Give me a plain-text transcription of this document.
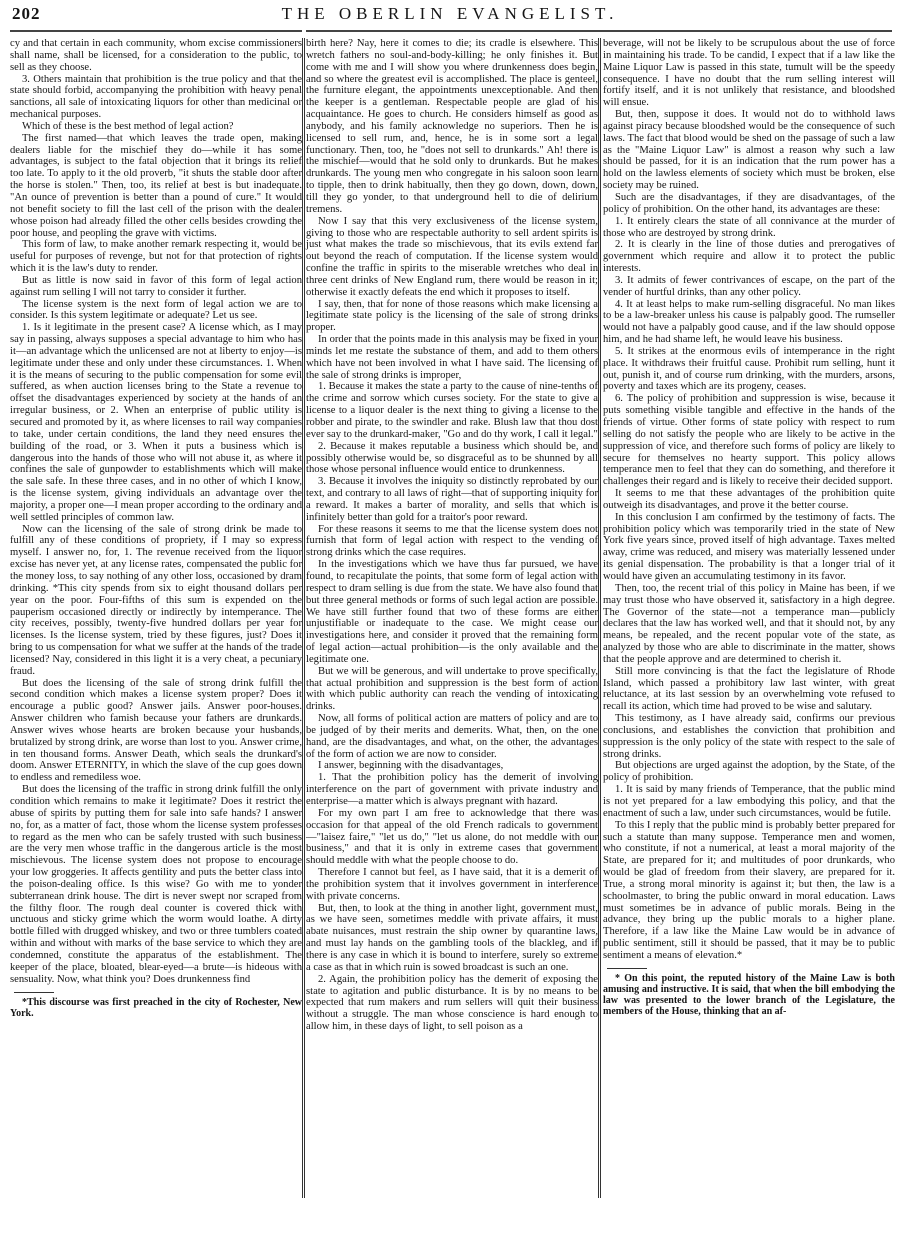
202	THE OBERLIN EVANGELIST.

cy and that certain in each community, whom excise commissioners shall name, shall be licensed, for a consideration to the public, to sell as they choose.

3. Others maintain that prohibition is the true policy and that the state should forbid, accompanying the prohibition with heavy penal sanctions, all sale of intoxicating liquors for other than medicinal or mechanical purposes.

Which of these is the best method of legal action?

The first named—that which leaves the trade open, making dealers liable for the mischief they do—while it has some advantages, is subject to the fatal objection that it brings its relief too late. To apply to it the old proverb, "it shuts the stable door after the horse is stolen." Then, too, its relief at best is but inadequate. "An ounce of prevention is better than a pound of cure." It would not benefit society to fill the last cell of the prison with the dealer whose poison had already filled the other cells besides crowding the poor house, and peopling the grave with victims.

This form of law, to make another remark respecting it, would be useful for purposes of revenge, but not for that protection of rights which it is the law's duty to render.

But as little is now said in favor of this form of legal action against rum selling I will not tarry to consider it further.

The license system is the next form of legal action we are to consider. Is this system legitimate or adequate? Let us see.

1. Is it legitimate in the present case? A license which, as I may say in passing, always supposes a special advantage to him who has it—an advantage which the unlicensed are not at liberty to enjoy—is legitimate under these and only under these circumstances. 1. When it is the means of securing to the public compensation for some evil suffered, as when auction licenses bring to the State a revenue to offset the disadvantages experienced by society at the hands of an irregular business, or 2. When an enterprise of public utility is secured and promoted by it, as where licenses to rail way companies to take, under certain conditions, the land they need ensures the building of the road, or 3. When it puts a business which is dangerous into the hands of those who will not abuse it, as where it confines the sale of gunpowder to establishments which will make the sale safe. In these three cases, and in no other of which I know, is the license system, giving individuals an advantage over the majority, a proper one—I mean proper according to the ordinary and well settled principles of common law.

Now can the licensing of the sale of strong drink be made to fulfill any of these conditions of propriety, if I may so express myself. I answer no, for, 1. The revenue received from the liquor excise has never yet, at any license rates, compensated the public for the money loss, to say nothing of any other loss, occasioned by dram drinking. *This city spends from six to eight thousand dollars per year on the poor. Four-fifths of this sum is expended on the pauperism occasioned directly or indirectly by intemperance. The city receives, possibly, twenty-five hundred dollars per year for licenses. Is the license system, tried by these figures, just? Does it bring to us compensation for what we suffer at the hands of the trade licensed? Nay, considered in this light it is a very cheat, a pecuniary fraud.

But does the licensing of the sale of strong drink fulfill the second condition which makes a license system proper? Does it encourage a public good? Answer jails. Answer poor-houses. Answer children who famish because your fathers are drunkards. Answer wives whose hearts are broken because your husbands, brutalized by strong drink, are worse than lost to you. Answer crime, in ten thousand forms. Answer Death, which seals the drunkard's doom. Answer ETERNITY, in which the slave of the cup goes down to endless and remediless woe.

But does the licensing of the traffic in strong drink fulfill the only condition which remains to make it legitimate? Does it restrict the abuse of spirits by putting them for sale into safe hands? I answer no, for, as a matter of fact, those whom the license system professes to regard as the men who can be safely trusted with such business are the very men whose traffic in the dangerous article is the most mischievous. The license system does not propose to encourage your low groggeries. It affects gentility and puts the better class into the poison-dealing office. Is this wise? Go with me to yonder subterranean drink house. The dirt is never swept nor scraped from the filthy floor. The rough deal counter is covered thick with unctuous and sticky grime which the worm would loathe. A dirty bottle filled with drugged whiskey, and two or three tumblers coated within and without with marks of the base service to which they are condemned, constitute the apparatus of the establishment. The keeper of the place, bloated, blear-eyed—a brute—is hideous with sensuality. Now, what think you? Does drunkenness find

*This discourse was first preached in the city of Rochester, New York.

birth here? Nay, here it comes to die; its cradle is elsewhere. This wretch fathers no soul-and-body-killing; he only finishes it. But come with me and I will show you where drunkenness does begin, and so where the greatest evil is accomplished. The place is genteel, the furniture elegant, the appointments unexceptionable. And then the keeper is a gentleman. Respectable people are glad of his acquaintance. He goes to church. He considers himself as good as anybody, and his family acknowledge no superiors. Then he is licensed to sell rum, and, hence, he is in some sort a legal functionary. Then, too, he "does not sell to drunkards." Ah! there is the mischief—would that he sold only to drunkards. But he makes drunkards. The young men who congregate in his saloon soon learn to tipple, then to drink habitually, then they go down, down, down, till they go yonder, to that underground hell to die of delirium tremens.

Now I say that this very exclusiveness of the license system, giving to those who are respectable authority to sell ardent spirits is just what makes the trade so mischievous, that its evils extend far out beyond the reach of computation. If the license system would confine the traffic in spirits to the miserable wretches who deal in three cent drinks of New England rum, there would be reason in it; otherwise it exactly defeats the end which it proposes to itself.

I say, then, that for none of those reasons which make licensing a legitimate state policy is the licensing of the sale of strong drinks proper.

In order that the points made in this analysis may be fixed in your minds let me restate the substance of them, and add to them others which have not been involved in what I have said. The licensing of the sale of strong drinks is improper,

1. Because it makes the state a party to the cause of nine-tenths of the crime and sorrow which curses society. For the state to give a license to a liquor dealer is the next thing to giving a license to the robber and pirate, to the swindler and rake. Blush law that thou dost ever say to the drunkard-maker, "Go and do thy work, I call it legal."

2. Because it makes reputable a business which should be, and possibly otherwise would be, so disgraceful as to be shunned by all those whose personal influence would entice to drunkenness.

3. Because it involves the iniquity so distinctly reprobated by our text, and contrary to all laws of right—that of supporting iniquity for a reward. It makes a barter of morality, and sells that which is infinitely better than gold for a traitor's poor reward.

For these reasons it seems to me that the license system does not furnish that form of legal action with respect to the vending of strong drinks which the case requires.

In the investigations which we have thus far pursued, we have found, to recapitulate the points, that some form of legal action with respect to dram selling is due from the state. We have also found that but three general methods or forms of such legal action are possible. We have still further found that two of these forms are either unjustifiable or inadequate to the case. We might cease our investigations here, and consider it proved that the remaining form of legal action—actual prohibition—is the only available and the legitimate one.

But we will be generous, and will undertake to prove specifically, that actual prohibition and suppression is the best form of action with which public authority can reach the vending of intoxicating drinks.

Now, all forms of political action are matters of policy and are to be judged of by their merits and demerits. What, then, on the one hand, are the disadvantages, and what, on the other, the advantages of the form of action we are now to consider.

I answer, beginning with the disadvantages,

1. That the prohibition policy has the demerit of involving interference on the part of government with private industry and enterprise—a matter which is always pregnant with hazard.

For my own part I am free to acknowledge that there was occasion for that appeal of the old French radicals to government—"laisez faire," "let us do," "let us alone, do not meddle with our business," and that it is only in extreme cases that government should meddle with what the people choose to do.

Therefore I cannot but feel, as I have said, that it is a demerit of the prohibition system that it involves government in interference with private concerns.

But, then, to look at the thing in another light, government must, as we have seen, sometimes meddle with private affairs, it must abate nuisances, must restrain the ship owner by quarantine laws, and must lay hands on the gambling tools of the blackleg, and if there is any case in which it is bound to interfere, surely so extreme a case as that in which ruin is sowed broadcast is such an one.

2. Again, the prohibition policy has the demerit of exposing the state to agitation and public disturbance. It is by no means to be expected that rum makers and rum sellers will quit their business without a struggle. The man whose conscience is hard enough to allow him, in these days of light, to sell poison as a

beverage, will not be likely to be scrupulous about the use of force in maintaining his trade. To be candid, I expect that if a law like the Maine Liquor Law is passed in this state, tumult will be the speedy consequence. I have no doubt that the rum selling interest will fortify itself, and it is not unlikely that resistance, and bloodshed will ensue.

But, then, suppose it does. It would not do to withhold laws against piracy because bloodshed would be the consequence of such laws. The fact that blood would be shed on the passage of such a law as the "Maine Liquor Law" is almost a reason why such a law should be passed, for it is an indication that the rum power has a hold on the lawless elements of society which must be broken, else society may be ruined.

Such are the disadvantages, if they are disadvantages, of the policy of prohibition. On the other hand, its advantages are these:

1. It entirely clears the state of all connivance at the murder of those who are destroyed by strong drink.

2. It is clearly in the line of those duties and prerogatives of government which require and allow it to protect the public interests.

3. It admits of fewer contrivances of escape, on the part of the vender of hurtful drinks, than any other policy.

4. It at least helps to make rum-selling disgraceful. No man likes to be a law-breaker unless his cause is palpably good. The rumseller would not have a palpably good cause, and if the law should oppose him, and he had shame left, he would leave his business.

5. It strikes at the enormous evils of intemperance in the right place. It withdraws their fruitful cause. Prohibit rum selling, hunt it out, punish it, and of course rum drinking, with the murders, arsons, poverty and taxes which are its progeny, ceases.

6. The policy of prohibition and suppression is wise, because it puts something visible tangible and effective in the hands of the friends of virtue. Other forms of state policy with respect to rum selling do not satisfy the people who are likely to be active in the suppression of vice, and therefore such forms of policy are likely to secure for themselves no hearty support. This policy allows temperance men to feel that they can do something, and therefore it challenges their regard and is likely to receive their decided support.

It seems to me that these advantages of the prohibition quite outweigh its disadvantages, and prove it the better course.

In this conclusion I am confirmed by the testimony of facts. The prohibition policy which was temporarily tried in the state of New York five years since, proved itself of high advantage. Taxes melted away, crime was reduced, and misery was materially lessened under its genial dispensation. The probability is that a longer trial of it would have given an accumulating testimony in its favor.

Then, too, the recent trial of this policy in Maine has been, if we may trust those who have observed it, satisfactory in a high degree. The Governor of the state—not a temperance man—publicly declares that the law has worked well, and that it should not, by any means, be repealed, and the recent popular vote of the state, as analyzed by those who are able to discriminate in the matter, shows that the people approve and are determined to cherish it.

Still more convincing is that the fact the legislature of Rhode Island, which passed a prohibitory law last winter, with great reluctance, at its last session by an overwhelming vote refused to recall its action, which time had proved to be wise and salutary.

This testimony, as I have already said, confirms our previous conclusions, and establishes the conviction that prohibition and suppression is the only policy of the state with respect to the sale of strong drinks.

But objections are urged against the adoption, by the State, of the policy of prohibition.

1. It is said by many friends of Temperance, that the public mind is not yet prepared for a law embodying this policy, and that the enactment of such a law, under such circumstances, would be futile.

To this I reply that the public mind is probably better prepared for such a statute than many suppose. Temperance men and women, who constitute, if not a numerical, at least a moral majority of the State, are prepared for it; and multitudes of poor drunkards, who would be glad of freedom from their slavery, are prepared for it. True, a strong moral minority is against it; but then, the law is a schoolmaster, to bring the public onward in moral education. Laws must sometimes be in advance of public morals. Being in the advance, they bring up the public morals to a higher plane. Therefore, if a law like the Maine Law would be in advance of public sentiment, still it should be passed, that it may be to public sentiment a means of elevation.*

* On this point, the reputed history of the Maine Law is both amusing and instructive. It is said, that when the bill embodying the law was presented to the lower branch of the Legislature, the members of the House, thinking that an af-
